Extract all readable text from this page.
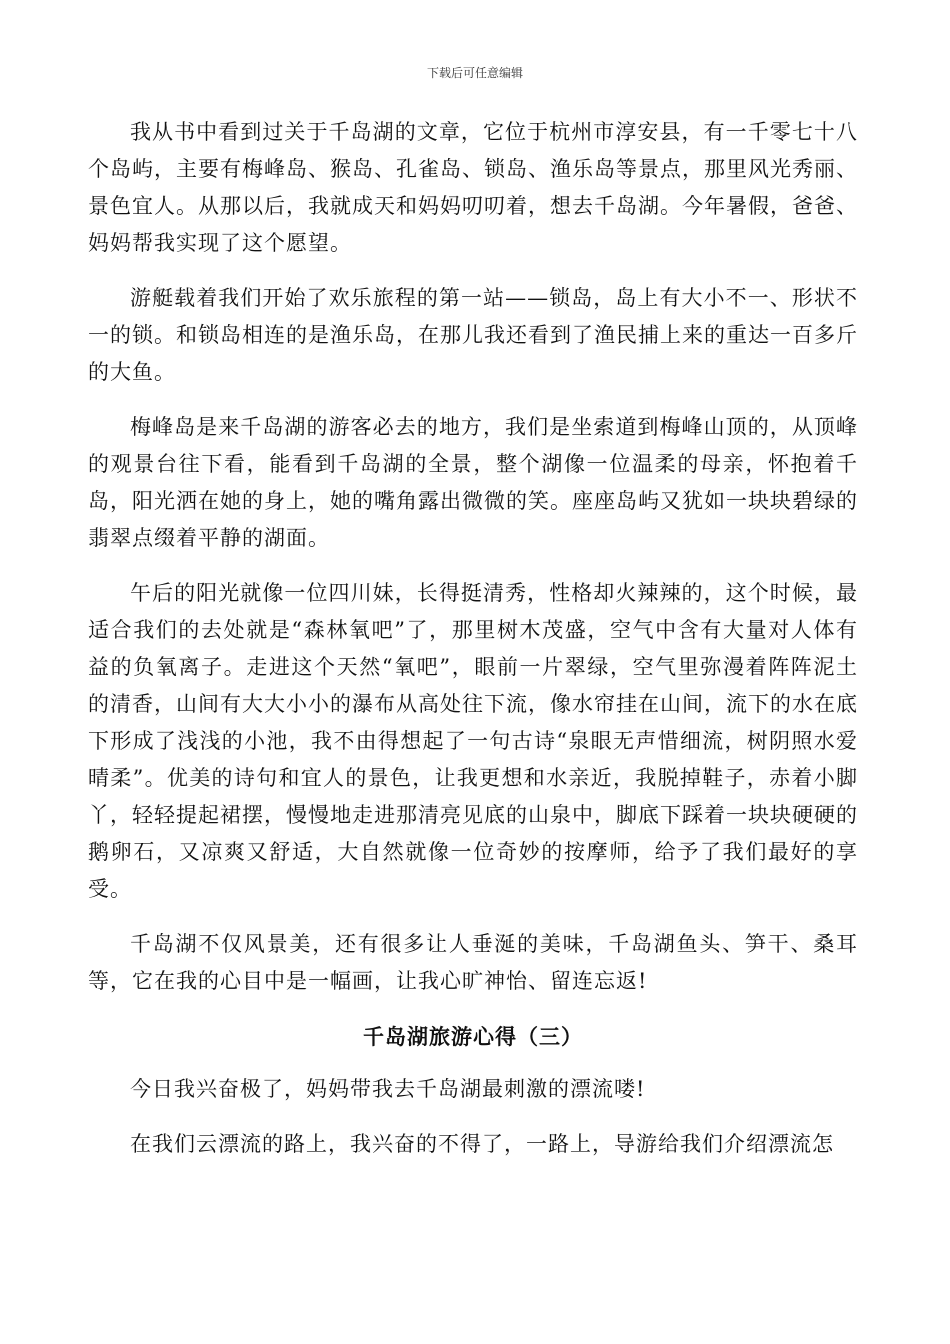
下载后可任意编辑

我从书中看到过关于千岛湖的文章，它位于杭州市淳安县，有一千零七十八个岛屿，主要有梅峰岛、猴岛、孔雀岛、锁岛、渔乐岛等景点，那里风光秀丽、景色宜人。从那以后，我就成天和妈妈叨叨着，想去千岛湖。今年暑假，爸爸、妈妈帮我实现了这个愿望。

游艇载着我们开始了欢乐旅程的第一站——锁岛，岛上有大小不一、形状不一的锁。和锁岛相连的是渔乐岛，在那儿我还看到了渔民捕上来的重达一百多斤的大鱼。

梅峰岛是来千岛湖的游客必去的地方，我们是坐索道到梅峰山顶的，从顶峰的观景台往下看，能看到千岛湖的全景，整个湖像一位温柔的母亲，怀抱着千岛，阳光洒在她的身上，她的嘴角露出微微的笑。座座岛屿又犹如一块块碧绿的翡翠点缀着平静的湖面。

午后的阳光就像一位四川妹，长得挺清秀，性格却火辣辣的，这个时候，最适合我们的去处就是“森林氧吧”了，那里树木茂盛，空气中含有大量对人体有益的负氧离子。走进这个天然“氧吧”，眼前一片翠绿，空气里弥漫着阵阵泥土的清香，山间有大大小小的瀑布从高处往下流，像水帘挂在山间，流下的水在底下形成了浅浅的小池，我不由得想起了一句古诗“泉眼无声惜细流，树阴照水爱晴柔”。优美的诗句和宜人的景色，让我更想和水亲近，我脱掉鞋子，赤着小脚丫，轻轻提起裙摆，慢慢地走进那清亮见底的山泉中，脚底下踩着一块块硬硬的鹅卵石，又凉爽又舒适，大自然就像一位奇妙的按摩师，给予了我们最好的享受。

千岛湖不仅风景美，还有很多让人垂涎的美味，千岛湖鱼头、笋干、桑耳等，它在我的心目中是一幅画，让我心旷神怡、留连忘返!

千岛湖旅游心得（三）

今日我兴奋极了，妈妈带我去千岛湖最刺激的漂流喽!

在我们云漂流的路上，我兴奋的不得了，一路上，导游给我们介绍漂流怎
